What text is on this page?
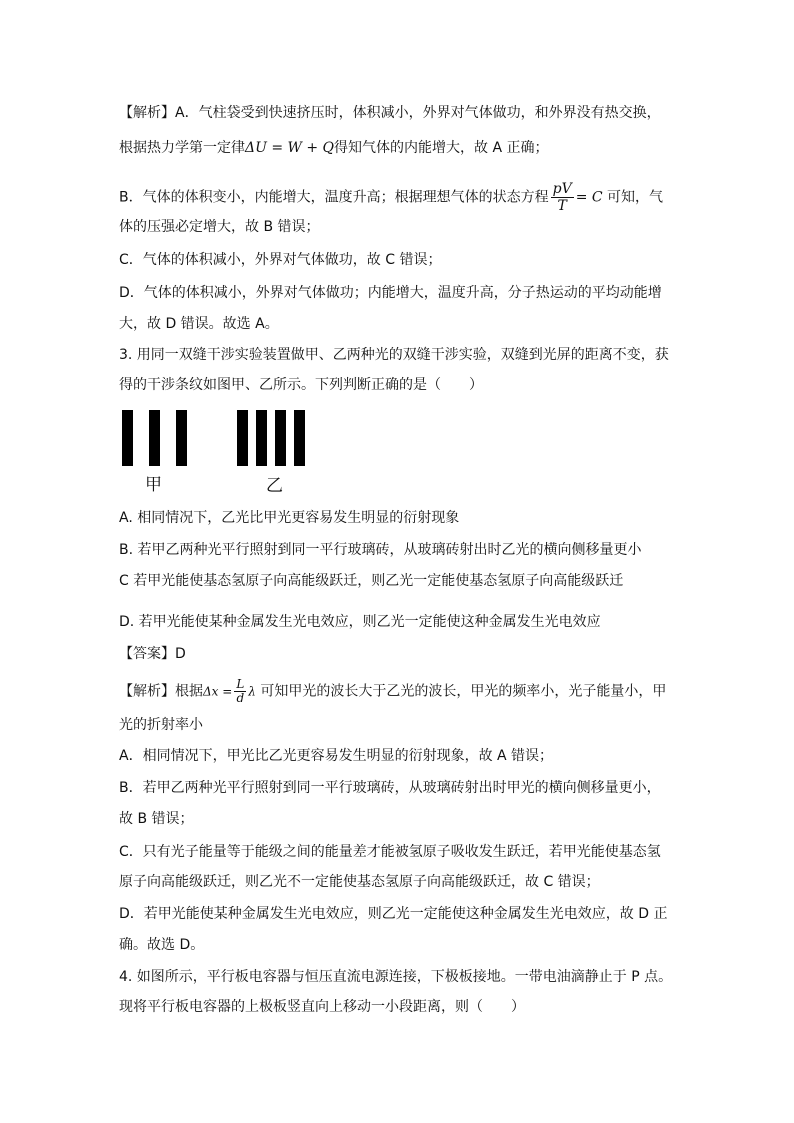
【解析】A．气柱袋受到快速挤压时，体积减小，外界对气体做功，和外界没有热交换，
根据热力学第一定律ΔU = W + Q得知气体的内能增大，故 A 正确；
B．气体的体积变小，内能增大，温度升高；根据理想气体的状态方程 $\frac{pV}{T} = C$ 可知，气
体的压强必定增大，故 B 错误；
C．气体的体积减小，外界对气体做功，故 C 错误；
D．气体的体积减小，外界对气体做功；内能增大，温度升高，分子热运动的平均动能增
大，故 D 错误。故选 A。
3. 用同一双缝干涉实验装置做甲、乙两种光的双缝干涉实验，双缝到光屏的距离不变，获
得的干涉条纹如图甲、乙所示。下列判断正确的是（　　）
甲	乙
A. 相同情况下，乙光比甲光更容易发生明显的衍射现象
B. 若甲乙两种光平行照射到同一平行玻璃砖，从玻璃砖射出时乙光的横向侧移量更小
C 若甲光能使基态氢原子向高能级跃迁，则乙光一定能使基态氢原子向高能级跃迁
D. 若甲光能使某种金属发生光电效应，则乙光一定能使这种金属发生光电效应
【答案】D
【解析】根据$\Delta x = \frac{L}{d}$ λ 可知甲光的波长大于乙光的波长，甲光的频率小，光子能量小，甲
光的折射率小
A．相同情况下，甲光比乙光更容易发生明显的衍射现象，故 A 错误；
B．若甲乙两种光平行照射到同一平行玻璃砖，从玻璃砖射出时甲光的横向侧移量更小，
故 B 错误；
C．只有光子能量等于能级之间的能量差才能被氢原子吸收发生跃迁，若甲光能使基态氢
原子向高能级跃迁，则乙光不一定能使基态氢原子向高能级跃迁，故 C 错误；
D．若甲光能使某种金属发生光电效应，则乙光一定能使这种金属发生光电效应，故 D 正
确。故选 D。
4. 如图所示，平行板电容器与恒压直流电源连接，下极板接地。一带电油滴静止于 P 点。
现将平行板电容器的上极板竖直向上移动一小段距离，则（　　）
